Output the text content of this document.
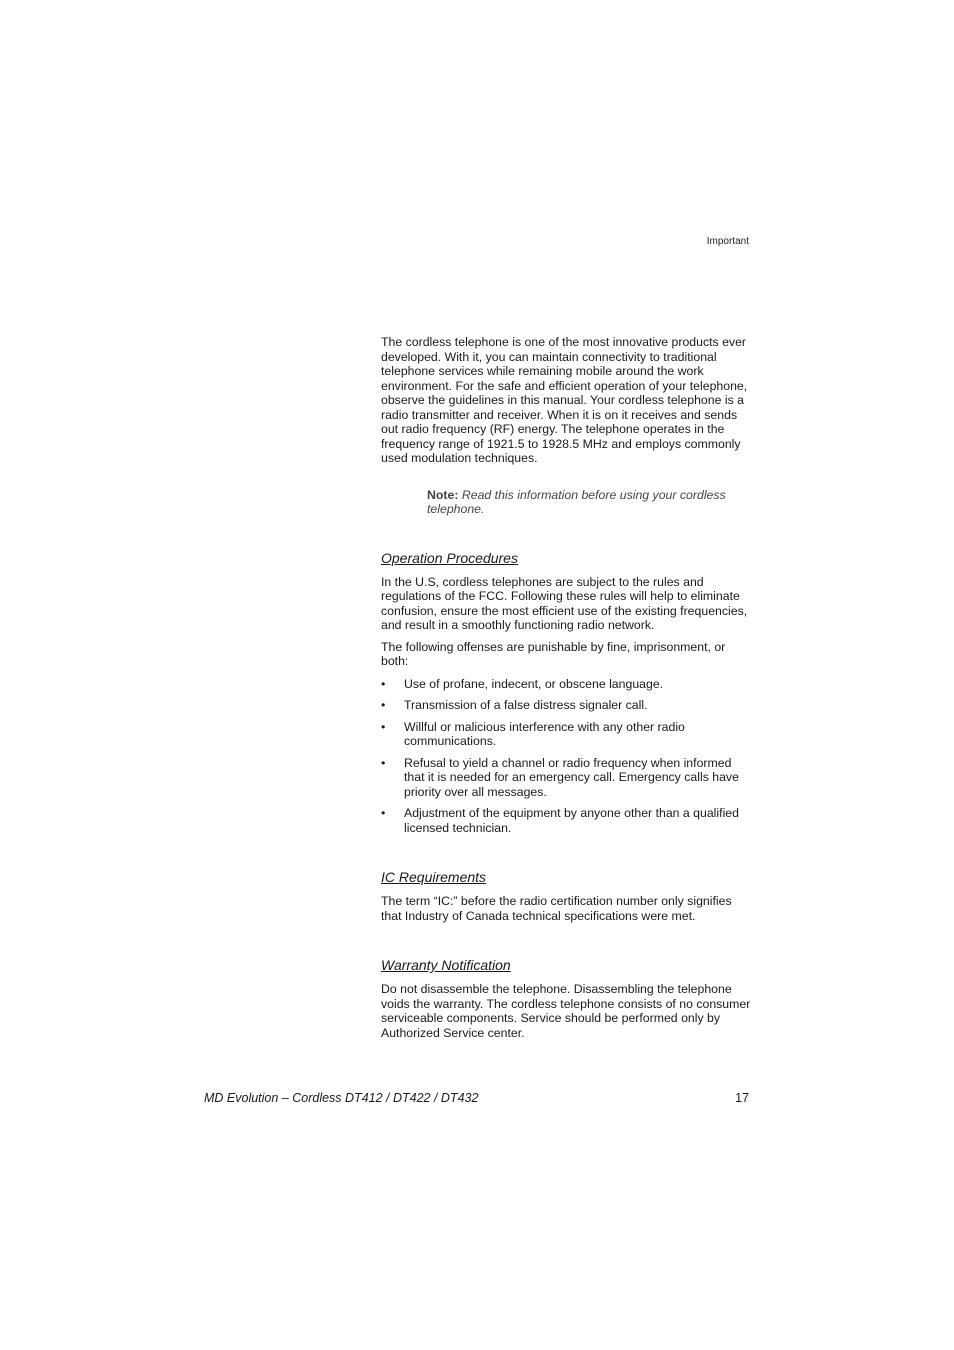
Important

The cordless telephone is one of the most innovative products ever developed. With it, you can maintain connectivity to traditional telephone services while remaining mobile around the work environment. For the safe and efficient operation of your telephone, observe the guidelines in this manual. Your cordless telephone is a radio transmitter and receiver. When it is on it receives and sends out radio frequency (RF) energy. The telephone operates in the frequency range of 1921.5 to 1928.5 MHz and employs commonly used modulation techniques.

Note: Read this information before using your cordless telephone.
Operation Procedures

In the U.S, cordless telephones are subject to the rules and regulations of the FCC. Following these rules will help to eliminate confusion, ensure the most efficient use of the existing frequencies, and result in a smoothly functioning radio network.

The following offenses are punishable by fine, imprisonment, or both:

• Use of profane, indecent, or obscene language.
• Transmission of a false distress signaler call.
• Willful or malicious interference with any other radio communications.
• Refusal to yield a channel or radio frequency when informed that it is needed for an emergency call. Emergency calls have priority over all messages.
• Adjustment of the equipment by anyone other than a qualified licensed technician.
IC Requirements

The term “IC:” before the radio certification number only signifies that Industry of Canada technical specifications were met.

Warranty Notification

Do not disassemble the telephone. Disassembling the telephone voids the warranty. The cordless telephone consists of no consumer serviceable components. Service should be performed only by Authorized Service center.

MD Evolution – Cordless DT412 / DT422 / DT432	17
